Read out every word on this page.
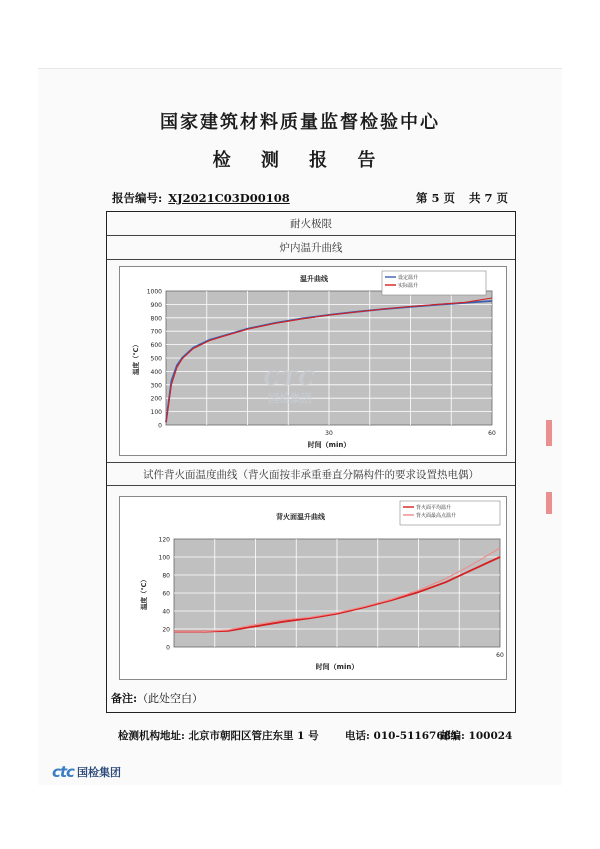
国家建筑材料质量监督检验中心
检 测 报 告
报告编号: XJ2021C03D00108	第 5 页 共 7 页
耐火极限
炉内温升曲线
温升曲线
0
100
200
300
400
500
600
700
800
900
1000
30	60
温度（℃）
时间（min）
设定温升
实际温升
试件背火面温度曲线（背火面按非承重垂直分隔构件的要求设置热电偶）
背火面温升曲线
0
20
40
60
80
100
120
60
温度（℃）
时间（min）
背火面平均温升
背火面最高点温升
备注:（此处空白）
CTC
国检集团
检测机构地址: 北京市朝阳区管庄东里 1 号	电话: 010-51167681
邮编: 100024
ctc 国检集团
